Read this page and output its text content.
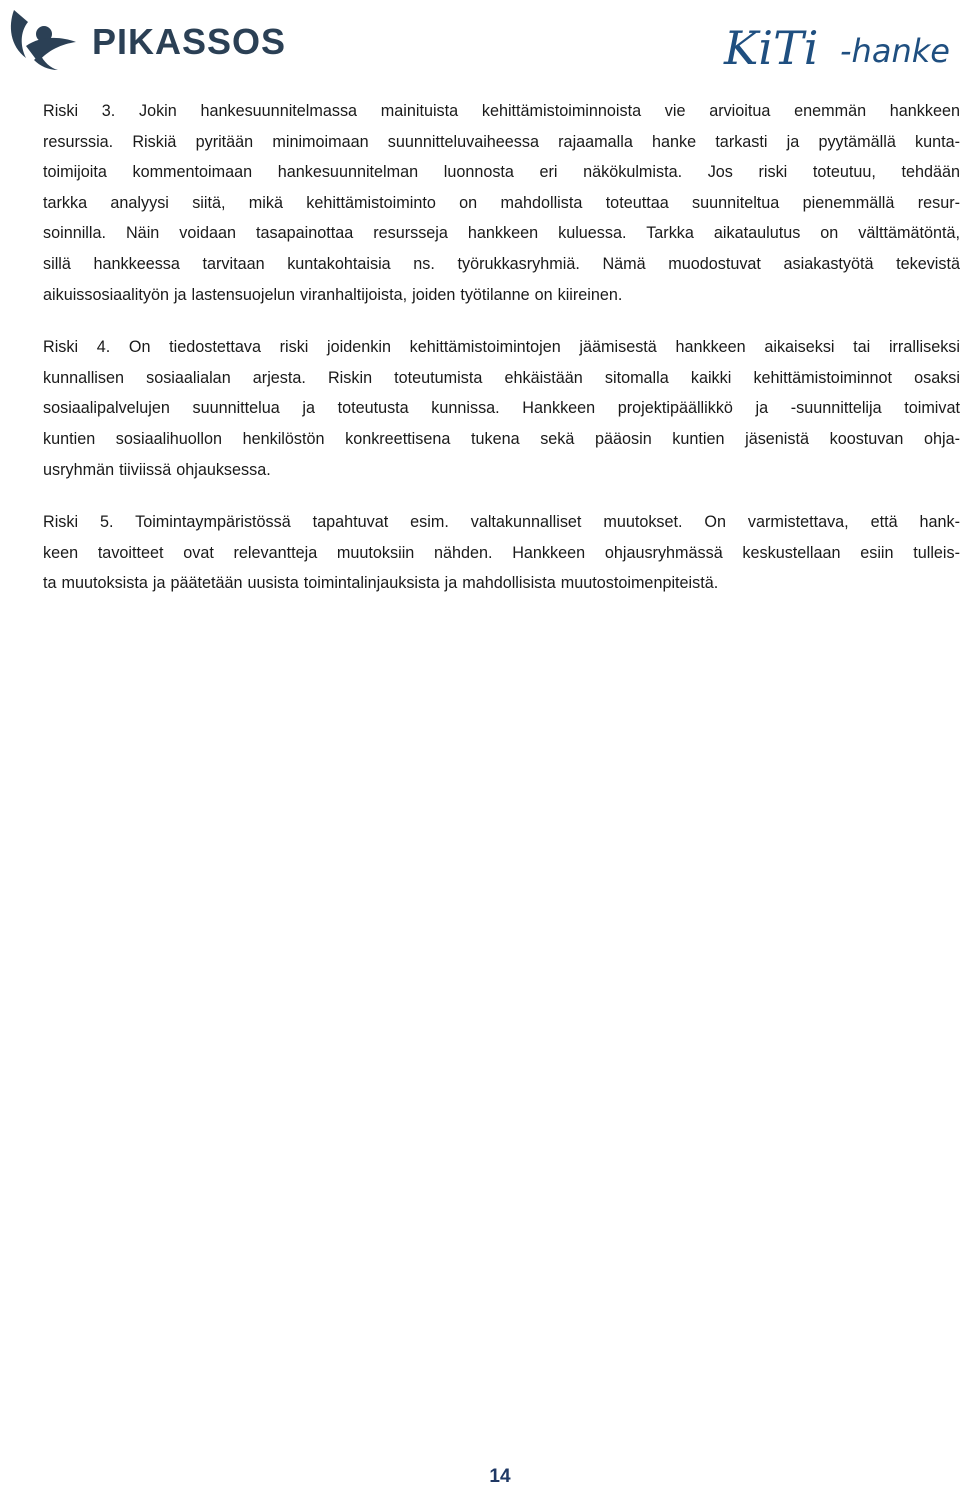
PIKASSOS	KiTi -hanke

Riski 3. Jokin hankesuunnitelmassa mainituista kehittämistoiminnoista vie arvioitua enemmän hankkeen
resurssia. Riskiä pyritään minimoimaan suunnitteluvaiheessa rajaamalla hanke tarkasti ja pyytämällä kunta-
toimijoita kommentoimaan hankesuunnitelman luonnosta eri näkökulmista. Jos riski toteutuu, tehdään
tarkka analyysi siitä, mikä kehittämistoiminto on mahdollista toteuttaa suunniteltua pienemmällä resur-
soinnilla. Näin voidaan tasapainottaa resursseja hankkeen kuluessa. Tarkka aikataulutus on välttämätöntä,
sillä hankkeessa tarvitaan kuntakohtaisia ns. työrukkasryhmiä. Nämä muodostuvat asiakastyötä tekevistä
aikuissosiaalityön ja lastensuojelun viranhaltijoista, joiden työtilanne on kiireinen.

Riski 4. On tiedostettava riski joidenkin kehittämistoimintojen jäämisestä hankkeen aikaiseksi tai irralliseksi
kunnallisen sosiaalialan arjesta. Riskin toteutumista ehkäistään sitomalla kaikki kehittämistoiminnot osaksi
sosiaalipalvelujen suunnittelua ja toteutusta kunnissa. Hankkeen projektipäällikkö ja -suunnittelija toimivat
kuntien sosiaalihuollon henkilöstön konkreettisena tukena sekä pääosin kuntien jäsenistä koostuvan ohja-
usryhmän tiiviissä ohjauksessa.

Riski 5. Toimintaympäristössä tapahtuvat esim. valtakunnalliset muutokset. On varmistettava, että hank-
keen tavoitteet ovat relevantteja muutoksiin nähden. Hankkeen ohjausryhmässä keskustellaan esiin tulleis-
ta muutoksista ja päätetään uusista toimintalinjauksista ja mahdollisista muutostoimenpiteistä.

14
